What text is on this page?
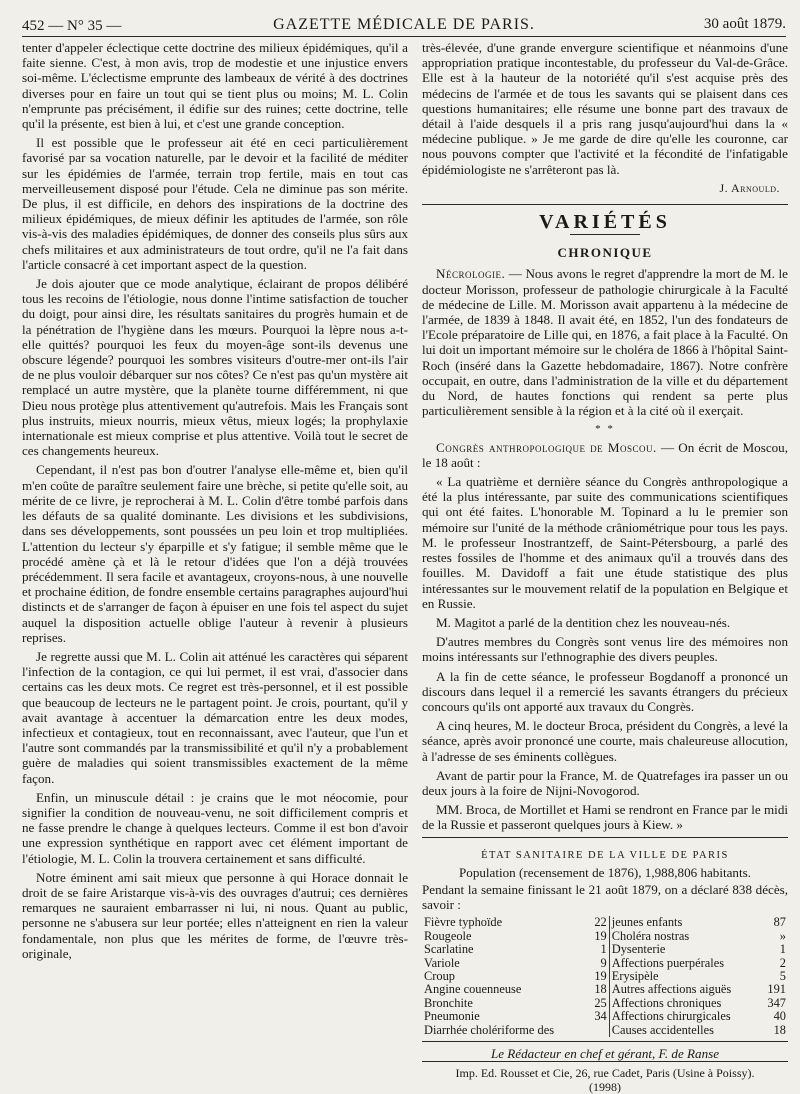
452 — N° 35 —	GAZETTE MÉDICALE DE PARIS.	30 août 1879.

tenter d'appeler éclectique cette doctrine des milieux épidémiques, qu'il a faite sienne. C'est, à mon avis, trop de modestie et une injustice envers soi-même. L'éclectisme emprunte des lambeaux de vérité à des doctrines diverses pour en faire un tout qui se tient plus ou moins; M. L. Colin n'emprunte pas précisément, il édifie sur des ruines; cette doctrine, telle qu'il la présente, est bien à lui, et c'est une grande conception.

Il est possible que le professeur ait été en ceci particulièrement favorisé par sa vocation naturelle, par le devoir et la facilité de méditer sur les épidémies de l'armée, terrain trop fertile, mais en tout cas merveilleusement disposé pour l'étude. Cela ne diminue pas son mérite. De plus, il est difficile, en dehors des inspirations de la doctrine des milieux épidémiques, de mieux définir les aptitudes de l'armée, son rôle vis-à-vis des maladies épidémiques, de donner des conseils plus sûrs aux chefs militaires et aux administrateurs de tout ordre, qu'il ne l'a fait dans l'article consacré à cet important aspect de la question.

Je dois ajouter que ce mode analytique, éclairant de propos délibéré tous les recoins de l'étiologie, nous donne l'intime satisfaction de toucher du doigt, pour ainsi dire, les résultats sanitaires du progrès humain et de la pénétration de l'hygiène dans les mœurs. Pourquoi la lèpre nous a-t-elle quittés? pourquoi les feux du moyen-âge sont-ils devenus une obscure légende? pourquoi les sombres visiteurs d'outre-mer ont-ils l'air de ne plus vouloir débarquer sur nos côtes? Ce n'est pas qu'un mystère ait remplacé un autre mystère, que la planète tourne différemment, ni que Dieu nous protège plus attentivement qu'autrefois. Mais les Français sont plus instruits, mieux nourris, mieux vêtus, mieux logés; la prophylaxie internationale est mieux comprise et plus attentive. Voilà tout le secret de ces changements heureux.

Cependant, il n'est pas bon d'outrer l'analyse elle-même et, bien qu'il m'en coûte de paraître seulement faire une brèche, si petite qu'elle soit, au mérite de ce livre, je reprocherai à M. L. Colin d'être tombé parfois dans les défauts de sa qualité dominante. Les divisions et les subdivisions, dans ses développements, sont poussées un peu loin et trop multipliées. L'attention du lecteur s'y éparpille et s'y fatigue; il semble même que le procédé amène çà et là le retour d'idées que l'on a déjà trouvées précédemment. Il sera facile et avantageux, croyons-nous, à une nouvelle et prochaine édition, de fondre ensemble certains paragraphes aujourd'hui distincts et de s'arranger de façon à épuiser en une fois tel aspect du sujet auquel la disposition actuelle oblige l'auteur à revenir à plusieurs reprises.

Je regrette aussi que M. L. Colin ait atténué les caractères qui séparent l'infection de la contagion, ce qui lui permet, il est vrai, d'associer dans certains cas les deux mots. Ce regret est très-personnel, et il est possible que beaucoup de lecteurs ne le partagent point. Je crois, pourtant, qu'il y avait avantage à accentuer la démarcation entre les deux modes, infectieux et contagieux, tout en reconnaissant, avec l'auteur, que l'un et l'autre sont commandés par la transmissibilité et qu'il n'y a probablement guère de maladies qui soient transmissibles exactement de la même façon.

Enfin, un minuscule détail : je crains que le mot néocomie, pour signifier la condition de nouveau-venu, ne soit difficilement compris et ne fasse prendre le change à quelques lecteurs. Comme il est bon d'avoir une expression synthétique en rapport avec cet élément important de l'étiologie, M. L. Colin la trouvera certainement et sans difficulté.

Notre éminent ami sait mieux que personne à qui Horace donnait le droit de se faire Aristarque vis-à-vis des ouvrages d'autrui; ces dernières remarques ne sauraient embarrasser ni lui, ni nous. Quant au public, personne ne s'abusera sur leur portée; elles n'atteignent en rien la valeur fondamentale, non plus que les mérites de forme, de l'œuvre très-originale,

très-élevée, d'une grande envergure scientifique et néanmoins d'une appropriation pratique incontestable, du professeur du Val-de-Grâce. Elle est à la hauteur de la notoriété qu'il s'est acquise près des médecins de l'armée et de tous les savants qui se plaisent dans ces questions humanitaires; elle résume une bonne part des travaux de détail à l'aide desquels il a pris rang jusqu'aujourd'hui dans la « médecine publique. » Je me garde de dire qu'elle les couronne, car nous pouvons compter que l'activité et la fécondité de l'infatigable épidémiologiste ne s'arrêteront pas là.

J. Arnould.
VARIÉTÉS
CHRONIQUE

Nécrologie. — Nous avons le regret d'apprendre la mort de M. le docteur Morisson, professeur de pathologie chirurgicale à la Faculté de médecine de Lille. M. Morisson avait appartenu à la médecine de l'armée, de 1839 à 1848. Il avait été, en 1852, l'un des fondateurs de l'Ecole préparatoire de Lille qui, en 1876, a fait place à la Faculté. On lui doit un important mémoire sur le choléra de 1866 à l'hôpital Saint-Roch (inséré dans la Gazette hebdomadaire, 1867). Notre confrère occupait, en outre, dans l'administration de la ville et du département du Nord, de hautes fonctions qui rendent sa perte plus particulièrement sensible à la région et à la cité où il exerçait.

* *

Congrès anthropologique de Moscou. — On écrit de Moscou, le 18 août :

« La quatrième et dernière séance du Congrès anthropologique a été la plus intéressante, par suite des communications scientifiques qui ont été faites. L'honorable M. Topinard a lu le premier son mémoire sur l'unité de la méthode crâniométrique pour tous les pays. M. le professeur Inostrantzeff, de Saint-Pétersbourg, a parlé des restes fossiles de l'homme et des animaux qu'il a trouvés dans des fouilles. M. Davidoff a fait une étude statistique des plus intéressantes sur le mouvement relatif de la population en Belgique et en Russie.

M. Magitot a parlé de la dentition chez les nouveau-nés.

D'autres membres du Congrès sont venus lire des mémoires non moins intéressants sur l'ethnographie des divers peuples.

A la fin de cette séance, le professeur Bogdanoff a prononcé un discours dans lequel il a remercié les savants étrangers du précieux concours qu'ils ont apporté aux travaux du Congrès.

A cinq heures, M. le docteur Broca, président du Congrès, a levé la séance, après avoir prononcé une courte, mais chaleureuse allocution, à l'adresse de ses éminents collègues.

Avant de partir pour la France, M. de Quatrefages ira passer un ou deux jours à la foire de Nijni-Novogorod.

MM. Broca, de Mortillet et Hami se rendront en France par le midi de la Russie et passeront quelques jours à Kiew. »

ÉTAT SANITAIRE DE LA VILLE DE PARIS
Population (recensement de 1876), 1,988,806 habitants.

Pendant la semaine finissant le 21 août 1879, on a déclaré 838 décès, savoir :

Fièvre typhoïde	22	jeunes enfants	87
Rougeole	19	Choléra nostras	»
Scarlatine	1	Dysenterie	1
Variole	9	Affections puerpérales	2
Croup	19	Erysipèle	5
Angine couenneuse	18	Autres affections aiguës	191
Bronchite	25	Affections chroniques	347
Pneumonie	34	Affections chirurgicales	40
Diarrhée cholériforme des		Causes accidentelles	18
Le Rédacteur en chef et gérant, F. de Ranse
Imp. Ed. Rousset et Cie, 26, rue Cadet, Paris (Usine à Poissy).
(1998)
